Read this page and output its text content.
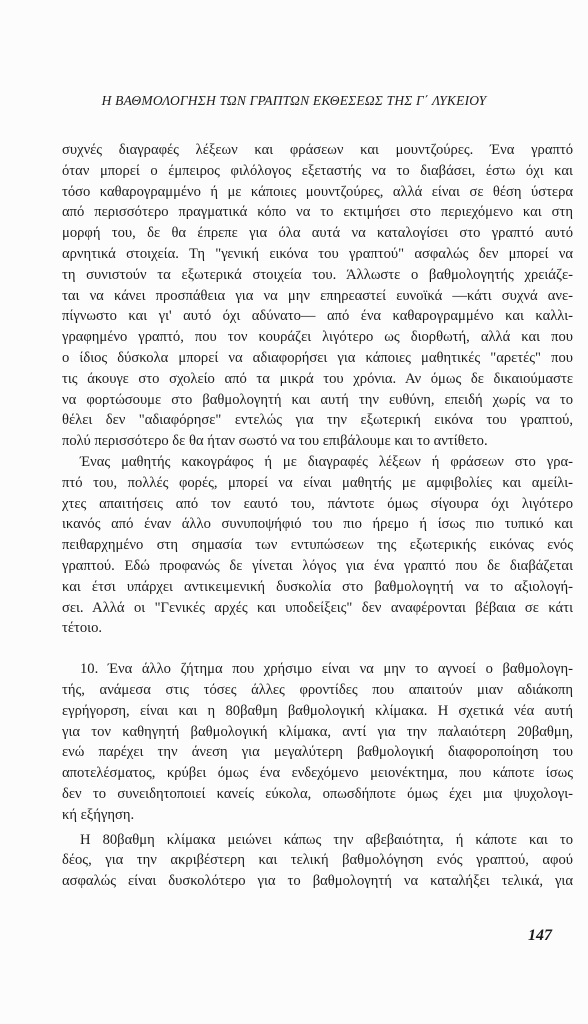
Η ΒΑΘΜΟΛΟΓΗΣΗ ΤΩΝ ΓΡΑΠΤΩΝ ΕΚΘΕΣΕΩΣ ΤΗΣ Γ΄ ΛΥΚΕΙΟΥ

συχνές διαγραφές λέξεων και φράσεων και μουντζούρες. Ένα γραπτό
όταν μπορεί ο έμπειρος φιλόλογος εξεταστής να το διαβάσει, έστω όχι και
τόσο καθαρογραμμένο ή με κάποιες μουντζούρες, αλλά είναι σε θέση ύστερα
από περισσότερο πραγματικά κόπο να το εκτιμήσει στο περιεχόμενο και στη
μορφή του, δε θα έπρεπε για όλα αυτά να καταλογίσει στο γραπτό αυτό
αρνητικά στοιχεία. Τη "γενική εικόνα του γραπτού" ασφαλώς δεν μπορεί να
τη συνιστούν τα εξωτερικά στοιχεία του. Άλλωστε ο βαθμολογητής χρειάζε-
ται να κάνει προσπάθεια για να μην επηρεαστεί ευνοϊκά —κάτι συχνά ανε-
πίγνωστο και γι' αυτό όχι αδύνατο— από ένα καθαρογραμμένο και καλλι-
γραφημένο γραπτό, που τον κουράζει λιγότερο ως διορθωτή, αλλά και που
ο ίδιος δύσκολα μπορεί να αδιαφορήσει για κάποιες μαθητικές "αρετές" που
τις άκουγε στο σχολείο από τα μικρά του χρόνια. Αν όμως δε δικαιούμαστε
να φορτώσουμε στο βαθμολογητή και αυτή την ευθύνη, επειδή χωρίς να το
θέλει δεν "αδιαφόρησε" εντελώς για την εξωτερική εικόνα του γραπτού,
πολύ περισσότερο δε θα ήταν σωστό να του επιβάλουμε και το αντίθετο.

Ένας μαθητής κακογράφος ή με διαγραφές λέξεων ή φράσεων στο γρα-
πτό του, πολλές φορές, μπορεί να είναι μαθητής με αμφιβολίες και αμείλι-
χτες απαιτήσεις από τον εαυτό του, πάντοτε όμως σίγουρα όχι λιγότερο
ικανός από έναν άλλο συνυποψήφιό του πιο ήρεμο ή ίσως πιο τυπικό και
πειθαρχημένο στη σημασία των εντυπώσεων της εξωτερικής εικόνας ενός
γραπτού. Εδώ προφανώς δε γίνεται λόγος για ένα γραπτό που δε διαβάζεται
και έτσι υπάρχει αντικειμενική δυσκολία στο βαθμολογητή να το αξιολογή-
σει. Αλλά οι "Γενικές αρχές και υποδείξεις" δεν αναφέρονται βέβαια σε κάτι
τέτοιο.

10. Ένα άλλο ζήτημα που χρήσιμο είναι να μην το αγνοεί ο βαθμολογη-
τής, ανάμεσα στις τόσες άλλες φροντίδες που απαιτούν μιαν αδιάκοπη
εγρήγορση, είναι και η 80βαθμη βαθμολογική κλίμακα. Η σχετικά νέα αυτή
για τον καθηγητή βαθμολογική κλίμακα, αντί για την παλαιότερη 20βαθμη,
ενώ παρέχει την άνεση για μεγαλύτερη βαθμολογική διαφοροποίηση του
αποτελέσματος, κρύβει όμως ένα ενδεχόμενο μειονέκτημα, που κάποτε ίσως
δεν το συνειδητοποιεί κανείς εύκολα, οπωσδήποτε όμως έχει μια ψυχολογι-
κή εξήγηση.

Η 80βαθμη κλίμακα μειώνει κάπως την αβεβαιότητα, ή κάποτε και το
δέος, για την ακριβέστερη και τελική βαθμολόγηση ενός γραπτού, αφού
ασφαλώς είναι δυσκολότερο για το βαθμολογητή να καταλήξει τελικά, για

147
